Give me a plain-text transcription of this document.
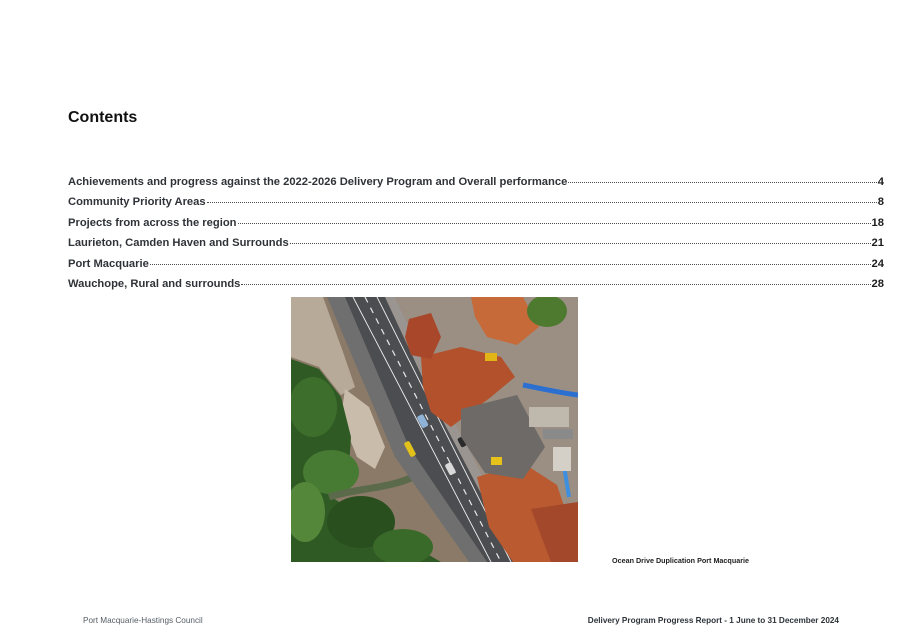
Contents
Achievements and progress against the 2022-2026 Delivery Program and Overall performance	4
Community Priority Areas	8
Projects from across the region	18
Laurieton, Camden Haven and Surrounds	21
Port Macquarie	24
Wauchope, Rural and surrounds	28
Ocean Drive Duplication Port Macquarie
Port Macquarie-Hastings Council	Delivery Program Progress Report - 1 June to 31 December 2024
